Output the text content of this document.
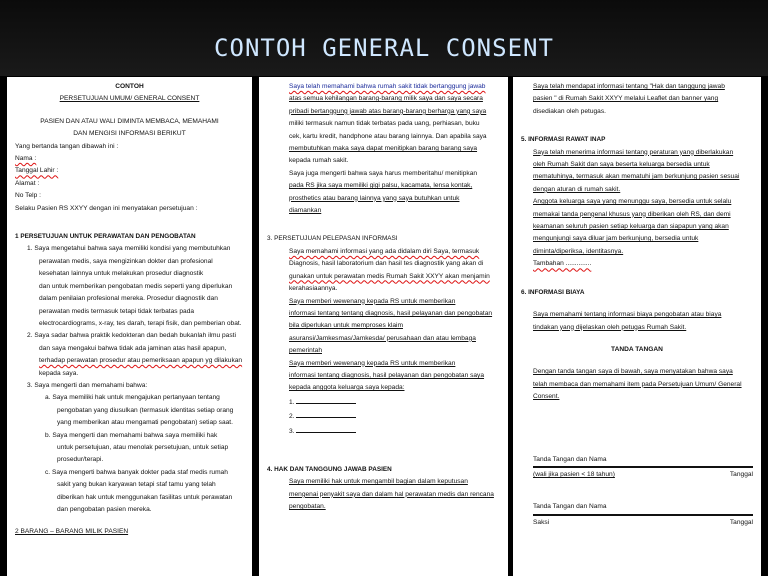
CONTOH GENERAL CONSENT
CONTOH
PERSETUJUAN UMUM/ GENERAL CONSENT
PASIEN DAN ATAU WALI DIMINTA MEMBACA, MEMAHAMI
DAN MENGISI INFORMASI BERIKUT
Yang bertanda tangan dibawah ini :
Nama :
Tanggal Lahir :
Alamat :
No Telp :
Selaku Pasien RS XXYY dengan ini menyatakan persetujuan :
1 PERSETUJUAN UNTUK PERAWATAN DAN PENGOBATAN
1. Saya mengetahui bahwa saya memiliki kondisi yang membutuhkan
perawatan medis, saya mengizinkan dokter dan profesional
kesehatan lainnya untuk melakukan prosedur diagnostik
dan untuk memberikan pengobatan medis seperti yang diperlukan
dalam penilaian profesional mereka. Prosedur diagnostik dan
perawatan medis termasuk tetapi tidak terbatas pada
electrocardiograms, x-ray, tes darah, terapi fisik, dan pemberian obat.
2. Saya sadar bahwa praktik kedokteran dan bedah bukanlah ilmu pasti
dan saya mengakui bahwa tidak ada jaminan atas hasil apapun,
terhadap perawatan prosedur atau pemeriksaan apapun yg dilakukan
kepada saya.
3. Saya mengerti dan memahami bahwa:
a. Saya memiliki hak untuk mengajukan pertanyaan tentang
pengobatan yang diusulkan (termasuk identitas setiap orang
yang memberikan atau mengamati pengobatan) setiap saat.
b. Saya mengerti dan memahami bahwa saya memiliki hak
untuk persetujuan, atau menolak persetujuan, untuk setiap
prosedur/terapi.
c. Saya mengerti bahwa banyak dokter pada staf medis rumah
sakit yang bukan karyawan tetapi staf tamu yang telah
diberikan hak untuk menggunakan fasilitas untuk perawatan
dan pengobatan pasien mereka.
2 BARANG – BARANG MILIK PASIEN
Saya telah memahami bahwa rumah sakit tidak bertanggung jawab
atas semua kehilangan barang-barang milik saya dan saya secara
pribadi bertanggung jawab atas barang-barang berharga yang saya
miliki termasuk namun tidak terbatas pada uang, perhiasan, buku
cek, kartu kredit, handphone atau barang lainnya. Dan apabila saya
membutuhkan maka saya dapat menitipkan barang barang saya
kepada rumah sakit.
Saya juga mengerti bahwa saya harus memberitahu/ menitipkan
pada RS jika saya memiliki gigi palsu, kacamata, lensa kontak,
prosthetics atau barang lainnya yang saya butuhkan untuk
diamankan
3. PERSETUJUAN PELEPASAN INFORMASI
Saya memahami informasi yang ada didalam diri Saya, termasuk
Diagnosis, hasil laboratorium dan hasil tes diagnostik yang akan di
gunakan untuk perawatan medis Rumah Sakit XXYY akan menjamin
kerahasiaannya.
Saya memberi wewenang kepada RS untuk memberikan
informasi tentang tentang diagnosis, hasil pelayanan dan pengobatan
bila diperlukan untuk memproses klaim
asuransi/Jamkesmas/Jamkesda/ perusahaan dan atau lembaga
pemerintah
Saya memberi wewenang kepada RS untuk memberikan
informasi tentang diagnosis, hasil pelayanan dan pengobatan saya
kepada anggota keluarga saya kepada:
1.
2.
3.
4. HAK DAN TANGGUNG JAWAB PASIEN
Saya memiliki hak untuk mengambil bagian dalam keputusan
mengenai penyakit saya dan dalam hal perawatan medis dan rencana
pengobatan.
Saya telah mendapat informasi tentang "Hak dan tanggung jawab
pasien " di Rumah Sakit XXYY melalui Leaflet dan banner yang
disediakan oleh petugas.
5. INFORMASI RAWAT INAP
Saya telah menerima informasi tentang peraturan yang diberlakukan
oleh Rumah Sakit dan saya beserta keluarga bersedia untuk
mematuhinya, termasuk akan mematuhi jam berkunjung pasien sesuai
dengan aturan di rumah sakit.
Anggota keluarga saya yang menunggu saya, bersedia untuk selalu
memakai tanda pengenal khusus yang diberikan oleh RS, dan demi
keamanan seluruh pasien setiap keluarga dan siapapun yang akan
mengunjungi saya diluar jam berkunjung, bersedia untuk
diminta/diperiksa, identitasnya.
Tambahan ..............
6. INFORMASI BIAYA
Saya memahami tentang informasi biaya pengobatan atau biaya
tindakan yang dijelaskan oleh petugas Rumah Sakit.
TANDA TANGAN
Dengan tanda tangan saya di bawah, saya menyatakan bahwa saya
telah membaca dan memahami item pada Persetujuan Umum/ General
Consent.
Tanda Tangan dan Nama
(wali jika pasien < 18 tahun)	Tanggal
Tanda Tangan dan Nama
Saksi	Tanggal
